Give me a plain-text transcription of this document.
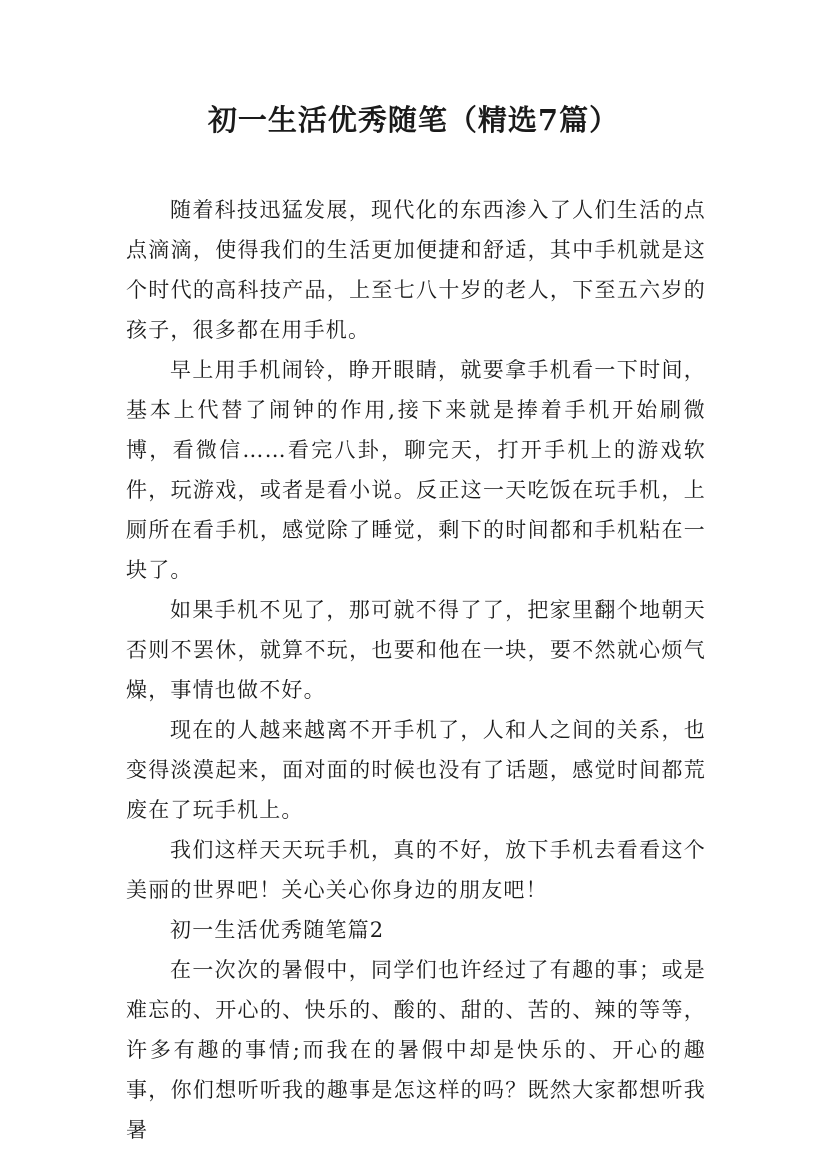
初一生活优秀随笔（精选7篇）

随着科技迅猛发展，现代化的东西渗入了人们生活的点点滴滴，使得我们的生活更加便捷和舒适，其中手机就是这个时代的高科技产品，上至七八十岁的老人，下至五六岁的孩子，很多都在用手机。

早上用手机闹铃，睁开眼睛，就要拿手机看一下时间，基本上代替了闹钟的作用,接下来就是捧着手机开始刷微博，看微信……看完八卦，聊完天，打开手机上的游戏软件，玩游戏，或者是看小说。反正这一天吃饭在玩手机，上厕所在看手机，感觉除了睡觉，剩下的时间都和手机粘在一块了。

如果手机不见了，那可就不得了了，把家里翻个地朝天否则不罢休，就算不玩，也要和他在一块，要不然就心烦气燥，事情也做不好。

现在的人越来越离不开手机了，人和人之间的关系，也变得淡漠起来，面对面的时候也没有了话题，感觉时间都荒废在了玩手机上。

我们这样天天玩手机，真的不好，放下手机去看看这个美丽的世界吧！关心关心你身边的朋友吧！

初一生活优秀随笔篇2

在一次次的暑假中，同学们也许经过了有趣的事；或是难忘的、开心的、快乐的、酸的、甜的、苦的、辣的等等，许多有趣的事情;而我在的暑假中却是快乐的、开心的趣事，你们想听听我的趣事是怎这样的吗？既然大家都想听我暑
